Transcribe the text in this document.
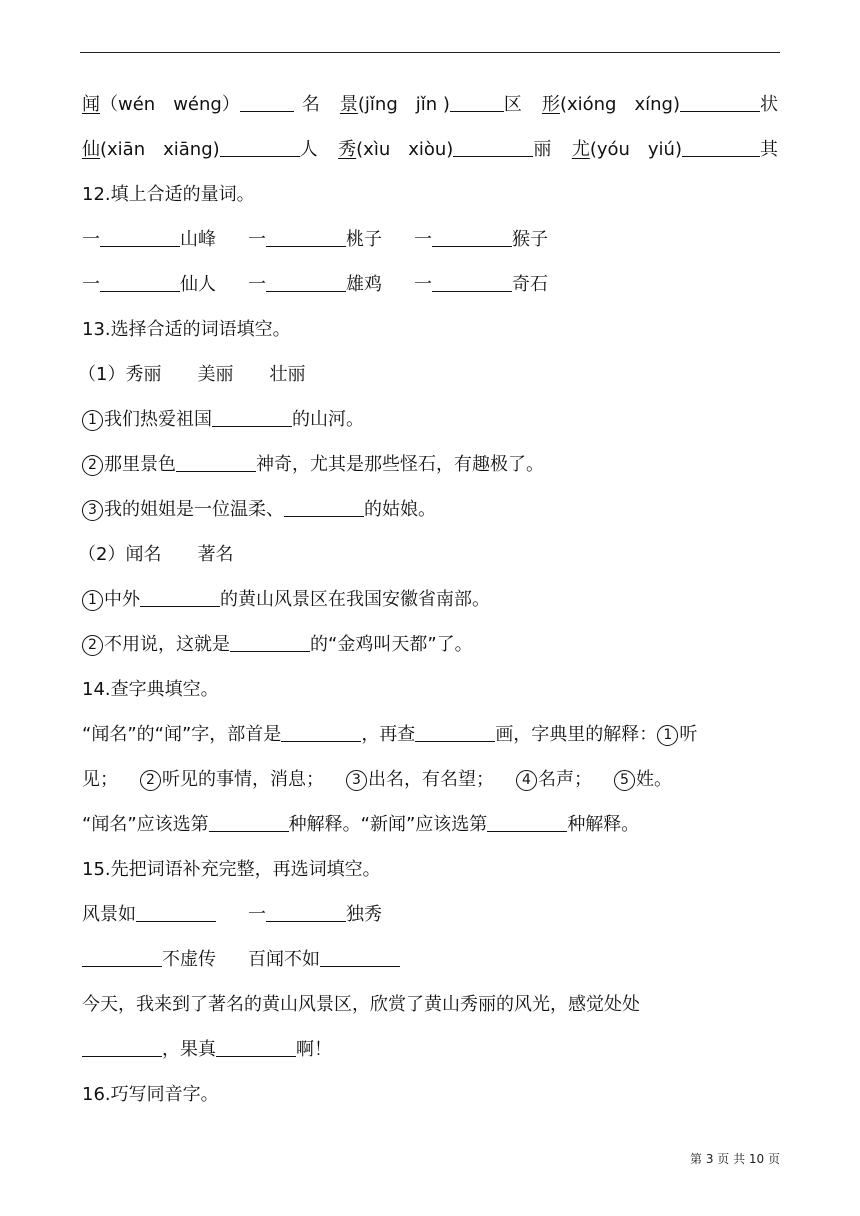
闻（wén　wéng）	名 景(jǐng　jǐn )	区 形(xióng　xíng)	状
仙(xiān　xiāng)	人 秀(xìu　xiòu)	丽 尤(yóu　yiú)	其
12.填上合适的量词。
一	山峰 一	桃子 一	猴子
一	仙人 一	雄鸡 一	奇石
13.选择合适的词语填空。
（1）秀丽　　美丽　　壮丽
1 我们热爱祖国	的山河。
2 那里景色	神奇，尤其是那些怪石，有趣极了。
3 我的姐姐是一位温柔、	的姑娘。
（2）闻名　　著名
1 中外	的黄山风景区在我国安徽省南部。
2 不用说，这就是	的“金鸡叫天都”了。
14.查字典填空。
“闻名”的“闻”字，部首是	，再查	画，字典里的解释： 1 听
见； 2 听见的事情，消息； 3 出名，有名望； 4 名声； 5 姓。
“闻名”应该选第	种解释。“新闻”应该选第	种解释。
15.先把词语补充完整，再选词填空。
风景如	一	独秀
不虚传 百闻不如
今天，我来到了著名的黄山风景区，欣赏了黄山秀丽的风光，感觉处处
，果真	啊！
16.巧写同音字。
第 3 页 共 10 页
